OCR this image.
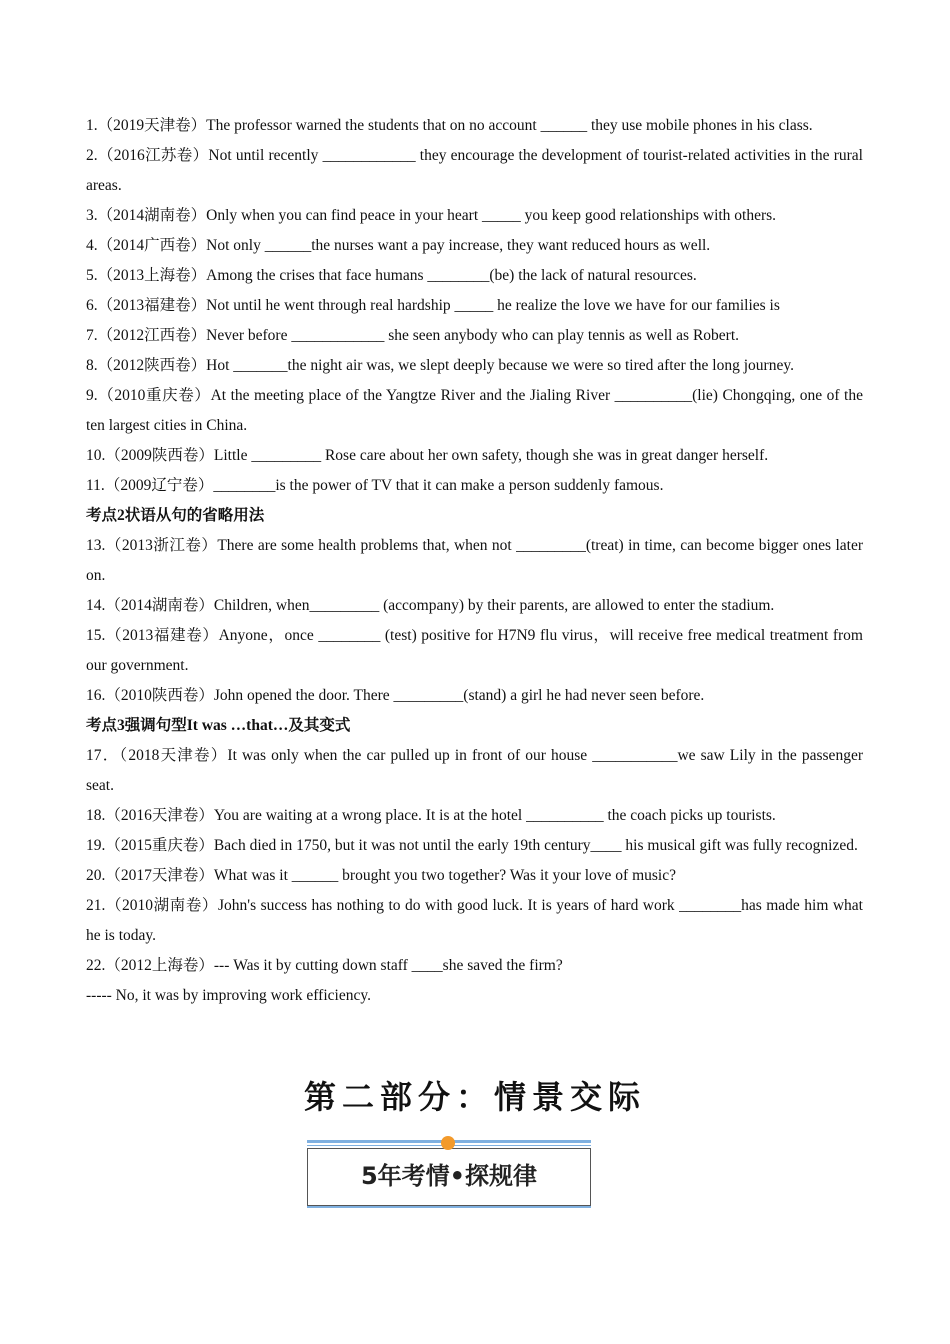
1.（2019天津卷）The professor warned the students that on no account ______ they use mobile phones in his class.

2.（2016江苏卷）Not until recently ____________ they encourage the development of tourist-related activities in the rural areas.

3.（2014湖南卷）Only when you can find peace in your heart _____ you keep good relationships with others.

4.（2014广西卷）Not only ______the nurses want a pay increase, they want reduced hours as well.

5.（2013上海卷）Among the crises that face humans ________(be) the lack of natural resources.

6.（2013福建卷）Not until he went through real hardship _____ he realize the love we have for our families is

7.（2012江西卷）Never before ____________ she seen anybody who can play tennis as well as Robert.

8.（2012陕西卷）Hot _______the night air was, we slept deeply because we were so tired after the long journey.

9.（2010重庆卷）At the meeting place of the Yangtze River and the Jialing River __________(lie) Chongqing, one of the ten largest cities in China.

10.（2009陕西卷）Little _________ Rose care about her own safety, though she was in great danger herself.

11.（2009辽宁卷）________is the power of TV that it can make a person suddenly famous.

考点2状语从句的省略用法

13.（2013浙江卷）There are some health problems that, when not _________(treat) in time, can become bigger ones later on.

14.（2014湖南卷）Children, when_________ (accompany) by their parents, are allowed to enter the stadium.

15.（2013福建卷）Anyone，once ________ (test) positive for H7N9 flu virus，will receive free medical treatment from our government.

16.（2010陕西卷）John opened the door. There _________(stand) a girl he had never seen before.

考点3强调句型It was …that…及其变式

17．（2018天津卷）It was only when the car pulled up in front of our house ___________we saw Lily in the passenger seat.

18.（2016天津卷）You are waiting at a wrong place. It is at the hotel __________ the coach picks up tourists.

19.（2015重庆卷）Bach died in 1750, but it was not until the early 19th century____ his musical gift was fully recognized.

20.（2017天津卷）What was it ______ brought you two together? Was it your love of music?

21.（2010湖南卷）John's success has nothing to do with good luck. It is years of hard work ________has made him what he is today.

22.（2012上海卷）--- Was it by cutting down staff ____she saved the firm?

----- No, it was by improving work efficiency.

第二部分：情景交际
5年考情•探规律
